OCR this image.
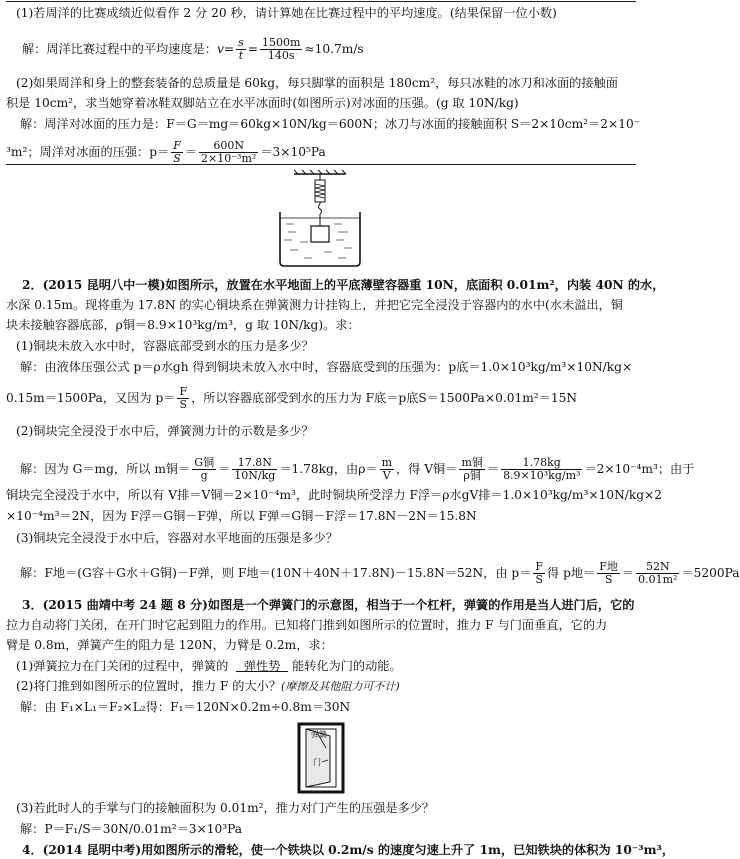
(1)若周洋的比赛成绩近似看作 2 分 20 秒，请计算她在比赛过程中的平均速度。(结果保留一位小数)
解：周洋比赛过程中的平均速度是：$v= \frac{s}{t} = \frac{1500m}{140s} \approx 10.7m/s$
(2)如果周洋和身上的整套装备的总质量是 60kg，每只脚掌的面积是 180cm²，每只冰鞋的冰刀和冰面的接触面
积是 10cm²，求当她穿着冰鞋双脚站立在水平冰面时(如图所示)对冰面的压强。(g 取 10N/kg)
解：周洋对冰面的压力是：F＝G＝mg＝60kg×10N/kg＝600N；冰刀与冰面的接触面积 S＝2×10cm²＝2×10⁻
³m²；周洋对冰面的压强：$p= \frac{F}{S} = \frac{600N}{\text{2×10⁻³m²}} =3\times 10^5Pa$
2．(2015 昆明八中一模)如图所示，放置在水平地面上的平底薄壁容器重 10N，底面积 0.01m²，内装 40N 的水，
水深 0.15m。现将重为 17.8N 的实心铜块系在弹簧测力计挂钩上，并把它完全浸没于容器内的水中(水未溢出，铜
块未接触容器底部，ρ铜＝8.9×10³kg/m³，g 取 10N/kg)。求：
(1)铜块未放入水中时，容器底部受到水的压力是多少？
解：由液体压强公式 p＝ρ水gh 得到铜块未放入水中时，容器底受到的压强为：p底＝1.0×10³kg/m³×10N/kg×
0.15m＝1500Pa，又因为 $p= \frac{F}{S}$ ，所以容器底部受到水的压力为 F底＝p底S＝1500Pa×0.01m²＝15N
(2)铜块完全浸没于水中后，弹簧测力计的示数是多少？
解：因为 G＝mg，所以 m铜＝ $\frac{\text{G铜}}{g} = \frac{17.8N}{10N/kg} =1.78kg$，由$\rho= \frac{m}{V}$ ，得 V铜＝ $\frac{\text{m铜}}{\text{ρ铜}} = \frac{1.78kg}{\text{8.9×10³kg/m³}} =2\times 10^{-4}m^3$；由于
铜块完全浸没于水中，所以有 V排＝V铜＝2×10⁻⁴m³，此时铜块所受浮力 F浮＝ρ水gV排＝1.0×10³kg/m³×10N/kg×2
×10⁻⁴m³＝2N，因为 F浮＝G铜－F弹，所以 F弹＝G铜－F浮＝17.8N－2N＝15.8N
(3)铜块完全浸没于水中后，容器对水平地面的压强是多少？
解：F地＝(G容＋G水＋G铜)－F弹，则 F地＝(10N＋40N＋17.8N)－15.8N＝52N，由 $p= \frac{F}{S}$ 得 p地＝ $\frac{\text{F地}}{S} = \frac{52N}{\text{0.01m²}} =5200Pa$
3．(2015 曲靖中考 24 题 8 分)如图是一个弹簧门的示意图，相当于一个杠杆，弹簧的作用是当人进门后，它的
拉力自动将门关闭，在开门时它起到阻力的作用。已知将门推到如图所示的位置时，推力 F 与门面垂直，它的力
臂是 0.8m，弹簧产生的阻力是 120N，力臂是 0.2m，求：
(1)弹簧拉力在门关闭的过程中，弹簧的 弹性势 能转化为门的动能。
(2)将门推到如图所示的位置时，推力 F 的大小？(摩擦及其他阻力可不计)
解：由 F₁×L₁＝F₂×L₂得：F₁＝120N×0.2m÷0.8m＝30N
弹簧
门
(3)若此时人的手掌与门的接触面积为 0.01m²，推力对门产生的压强是多少？
解：P＝F₁/S＝30N/0.01m²＝3×10³Pa
4．(2014 昆明中考)用如图所示的滑轮，使一个铁块以 0.2m/s 的速度匀速上升了 1m，已知铁块的体积为 10⁻³m³，
